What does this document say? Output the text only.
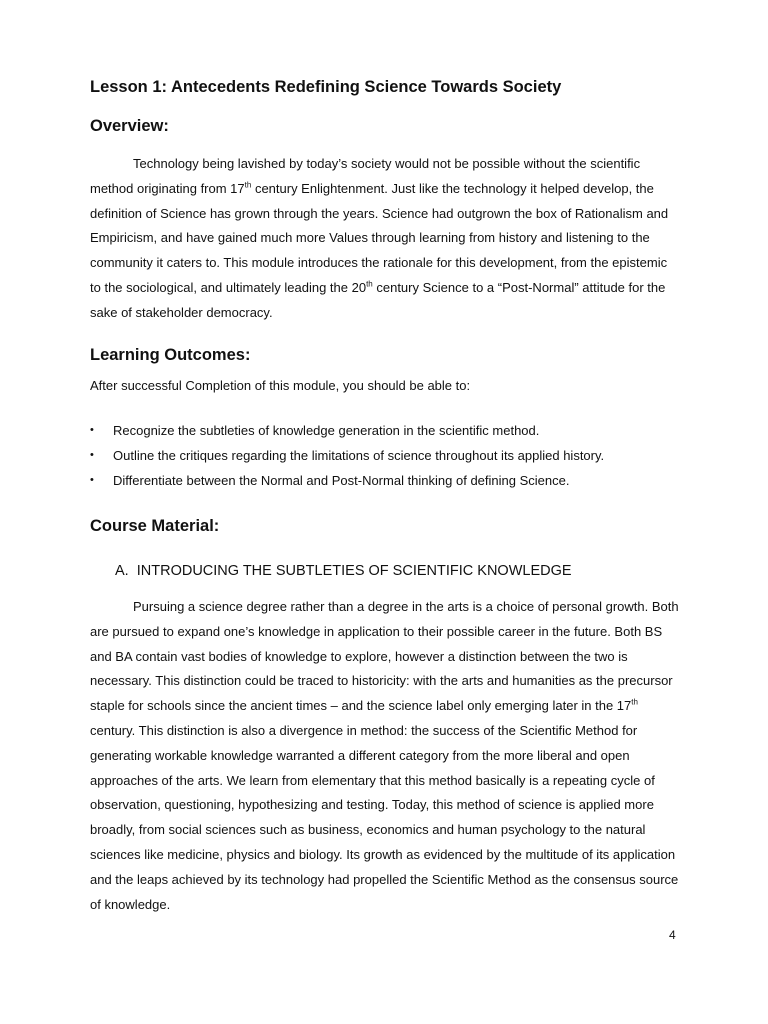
Lesson 1: Antecedents Redefining Science Towards Society
Overview:

Technology being lavished by today’s society would not be possible without the scientific method originating from 17th century Enlightenment. Just like the technology it helped develop, the definition of Science has grown through the years. Science had outgrown the box of Rationalism and Empiricism, and have gained much more Values through learning from history and listening to the community it caters to. This module introduces the rationale for this development, from the epistemic to the sociological, and ultimately leading the 20th century Science to a “Post-Normal” attitude for the sake of stakeholder democracy.

Learning Outcomes:
After successful Completion of this module, you should be able to:
• Recognize the subtleties of knowledge generation in the scientific method.
• Outline the critiques regarding the limitations of science throughout its applied history.
• Differentiate between the Normal and Post-Normal thinking of defining Science.
Course Material:
A.  INTRODUCING THE SUBTLETIES OF SCIENTIFIC KNOWLEDGE

Pursuing a science degree rather than a degree in the arts is a choice of personal growth. Both are pursued to expand one’s knowledge in application to their possible career in the future. Both BS and BA contain vast bodies of knowledge to explore, however a distinction between the two is necessary. This distinction could be traced to historicity: with the arts and humanities as the precursor staple for schools since the ancient times – and the science label only emerging later in the 17th century. This distinction is also a divergence in method: the success of the Scientific Method for generating workable knowledge warranted a different category from the more liberal and open approaches of the arts. We learn from elementary that this method basically is a repeating cycle of observation, questioning, hypothesizing and testing. Today, this method of science is applied more broadly, from social sciences such as business, economics and human psychology to the natural sciences like medicine, physics and biology. Its growth as evidenced by the multitude of its application and the leaps achieved by its technology had propelled the Scientific Method as the consensus source of knowledge.

4
